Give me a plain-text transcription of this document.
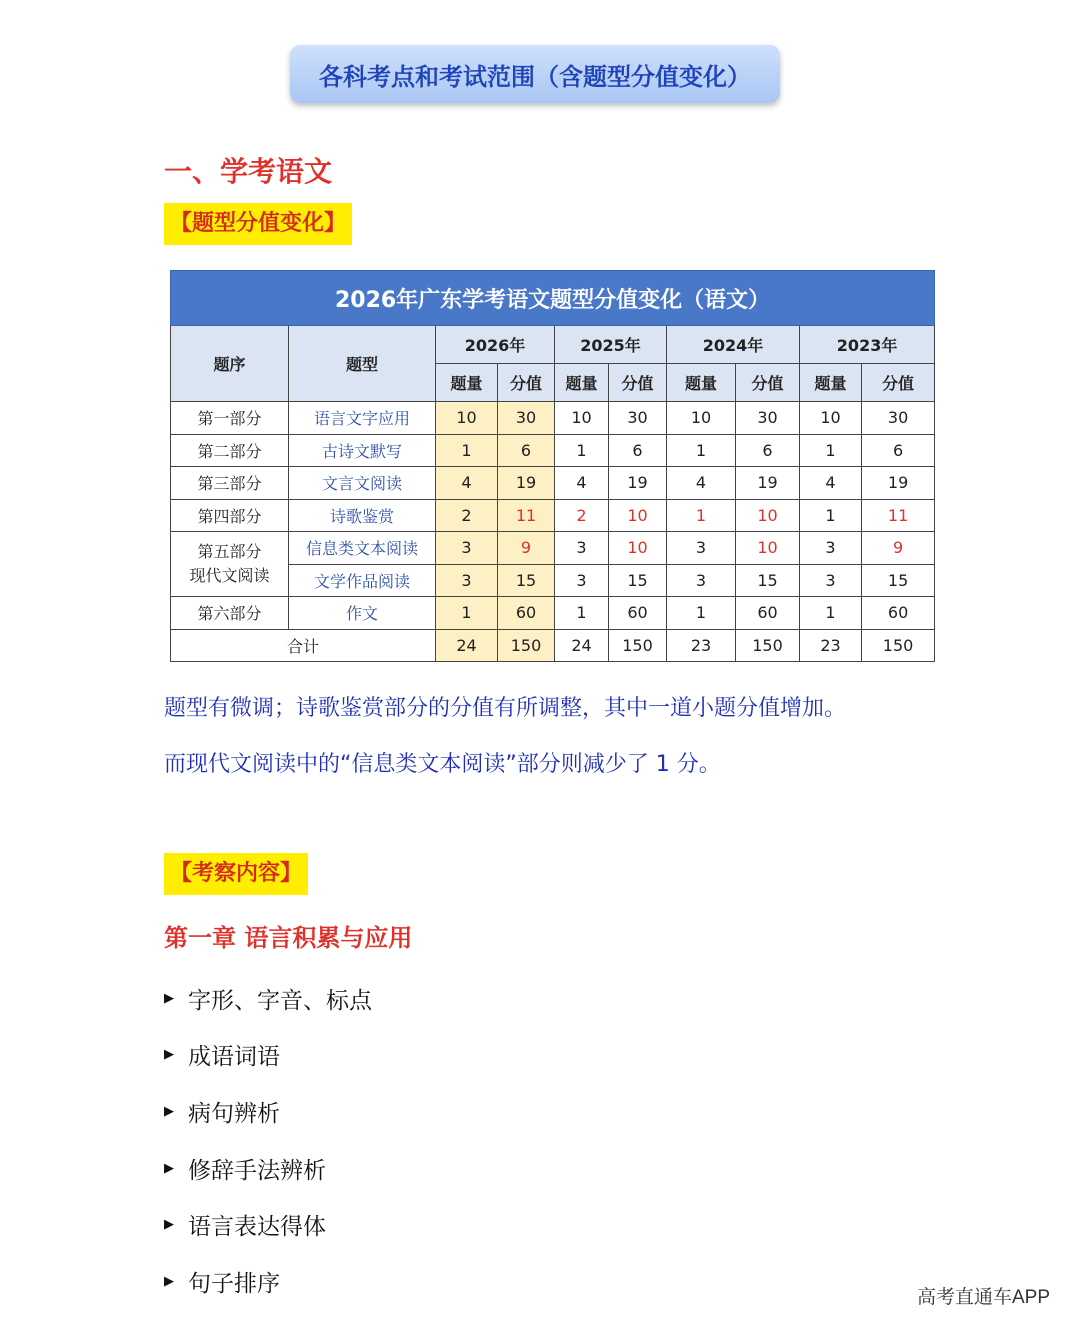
各科考点和考试范围（含题型分值变化）
一、学考语文
【题型分值变化】
2026年广东学考语文题型分值变化（语文）									
题序	题型	2026年		2025年		2024年		2023年	
		题量	分值	题量	分值	题量	分值	题量	分值
第一部分	语言文字应用	10	30	10	30	10	30	10	30
第二部分	古诗文默写	1	6	1	6	1	6	1	6
第三部分	文言文阅读	4	19	4	19	4	19	4	19
第四部分	诗歌鉴赏	2	11	2	10	1	10	1	11
第五部分
现代文阅读	信息类文本阅读	3	9	3	10	3	10	3	9
	文学作品阅读	3	15	3	15	3	15	3	15
第六部分	作文	1	60	1	60	1	60	1	60
合计		24	150	24	150	23	150	23	150
题型有微调；诗歌鉴赏部分的分值有所调整，其中一道小题分值增加。
而现代文阅读中的“信息类文本阅读”部分则减少了 1 分。
【考察内容】
第一章 语言积累与应用
▶ 字形、字音、标点
▶ 成语词语
▶ 病句辨析
▶ 修辞手法辨析
▶ 语言表达得体
▶ 句子排序
高考直通车APP
